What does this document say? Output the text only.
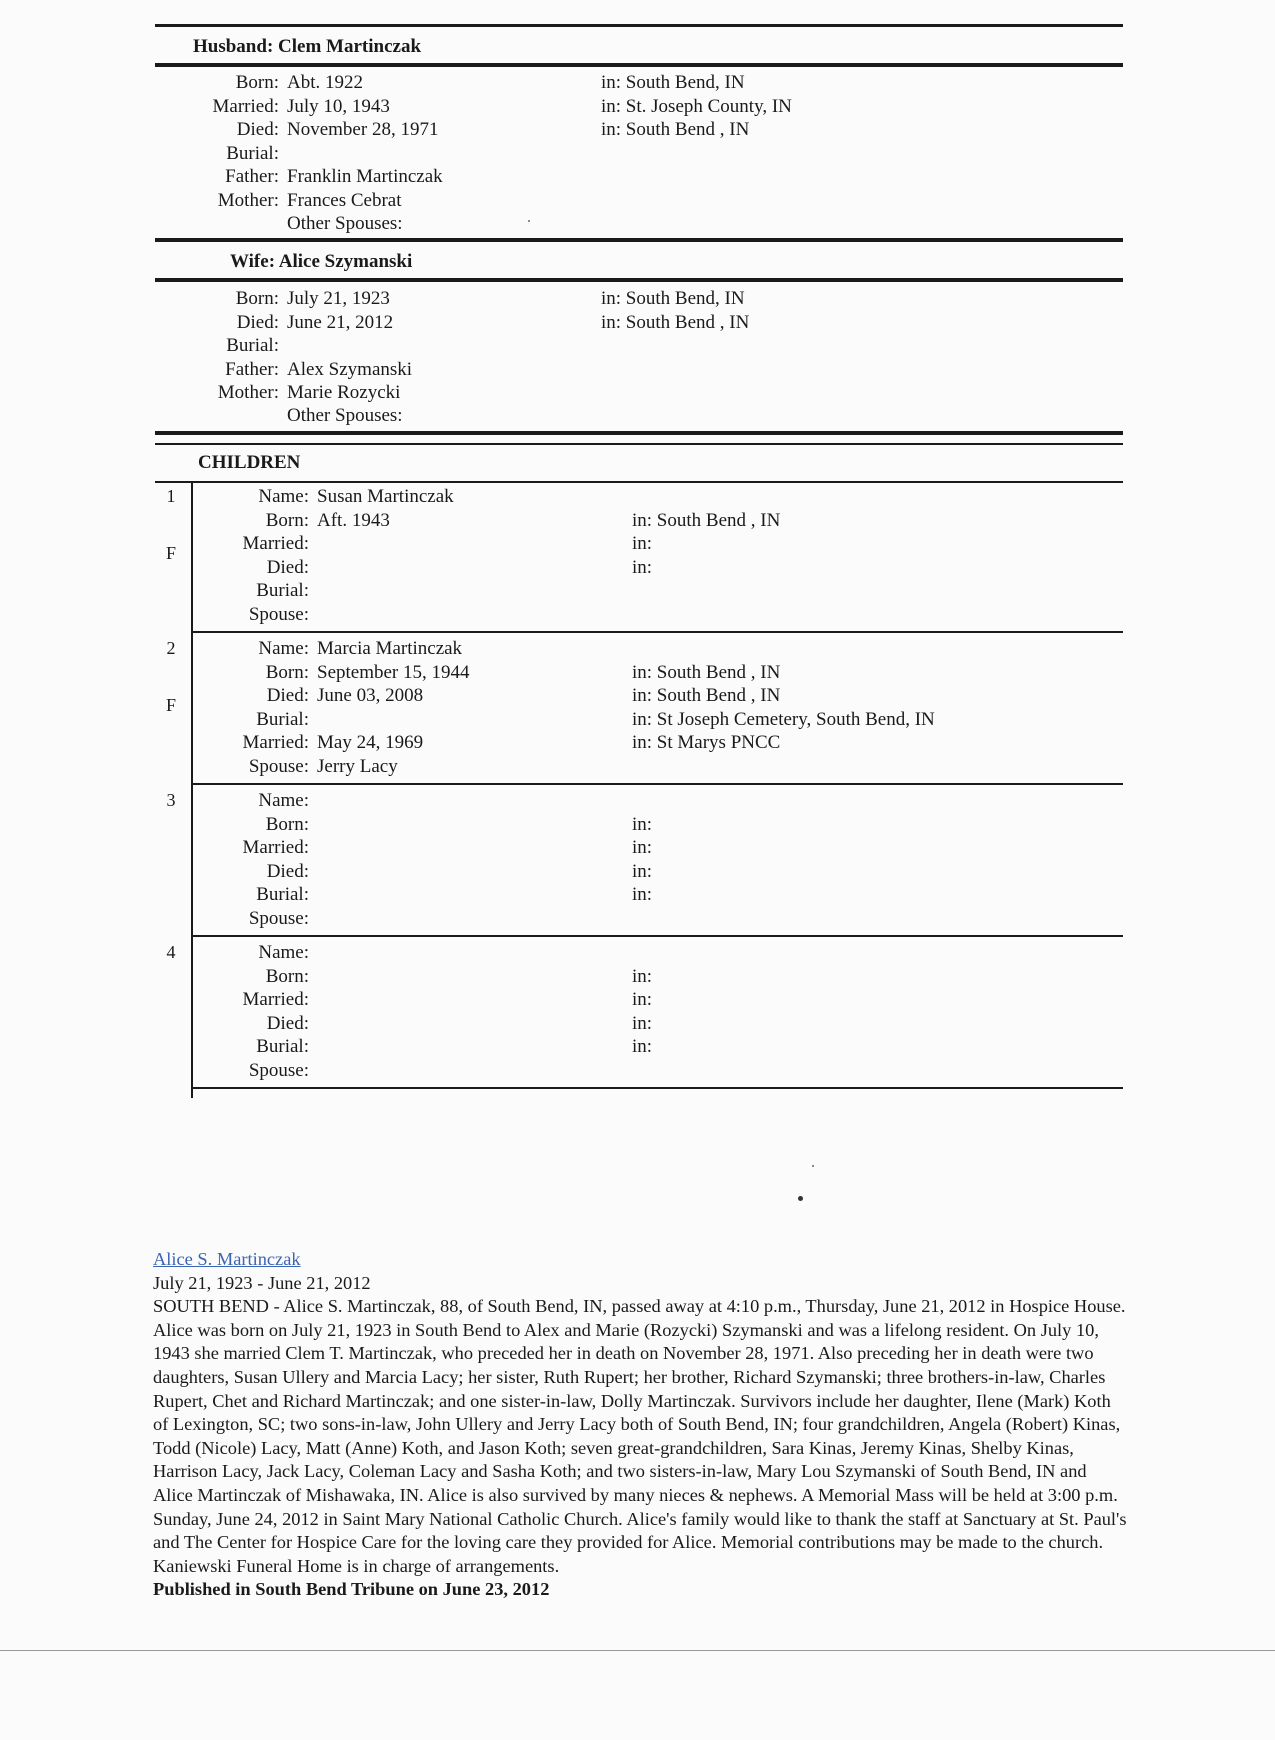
Husband: Clem Martinczak
Born: Abt. 1922	in: South Bend, IN
Married: July 10, 1943	in: St. Joseph County, IN
Died: November 28, 1971	in: South Bend , IN
Burial:
Father: Franklin Martinczak
Mother: Frances Cebrat
Other Spouses:
Wife: Alice Szymanski
Born: July 21, 1923	in: South Bend, IN
Died: June 21, 2012	in: South Bend , IN
Burial:
Father: Alex Szymanski
Mother: Marie Rozycki
Other Spouses:
CHILDREN
1
F
Name: Susan Martinczak
Born: Aft. 1943	in: South Bend , IN
Married:	in:
Died:	in:
Burial:
Spouse:
2
F
Name: Marcia Martinczak
Born: September 15, 1944	in: South Bend , IN
Died: June 03, 2008	in: South Bend , IN
Burial:	in: St Joseph Cemetery, South Bend, IN
Married: May 24, 1969	in: St Marys PNCC
Spouse: Jerry Lacy
3	Name:
Born:	in:
Married:	in:
Died:	in:
Burial:	in:
Spouse:
4	Name:
Born:	in:
Married:	in:
Died:	in:
Burial:	in:
Spouse:

Alice S. Martinczak

July 21, 1923 - June 21, 2012

SOUTH BEND - Alice S. Martinczak, 88, of South Bend, IN, passed away at 4:10 p.m., Thursday, June 21, 2012 in Hospice House. Alice was born on July 21, 1923 in South Bend to Alex and Marie (Rozycki) Szymanski and was a lifelong resident. On July 10, 1943 she married Clem T. Martinczak, who preceded her in death on November 28, 1971. Also preceding her in death were two daughters, Susan Ullery and Marcia Lacy; her sister, Ruth Rupert; her brother, Richard Szymanski; three brothers-in-law, Charles Rupert, Chet and Richard Martinczak; and one sister-in-law, Dolly Martinczak. Survivors include her daughter, Ilene (Mark) Koth of Lexington, SC; two sons-in-law, John Ullery and Jerry Lacy both of South Bend, IN; four grandchildren, Angela (Robert) Kinas, Todd (Nicole) Lacy, Matt (Anne) Koth, and Jason Koth; seven great-grandchildren, Sara Kinas, Jeremy Kinas, Shelby Kinas, Harrison Lacy, Jack Lacy, Coleman Lacy and Sasha Koth; and two sisters-in-law, Mary Lou Szymanski of South Bend, IN and Alice Martinczak of Mishawaka, IN. Alice is also survived by many nieces & nephews. A Memorial Mass will be held at 3:00 p.m. Sunday, June 24, 2012 in Saint Mary National Catholic Church. Alice's family would like to thank the staff at Sanctuary at St. Paul's and The Center for Hospice Care for the loving care they provided for Alice. Memorial contributions may be made to the church. Kaniewski Funeral Home is in charge of arrangements.

Published in South Bend Tribune on June 23, 2012
